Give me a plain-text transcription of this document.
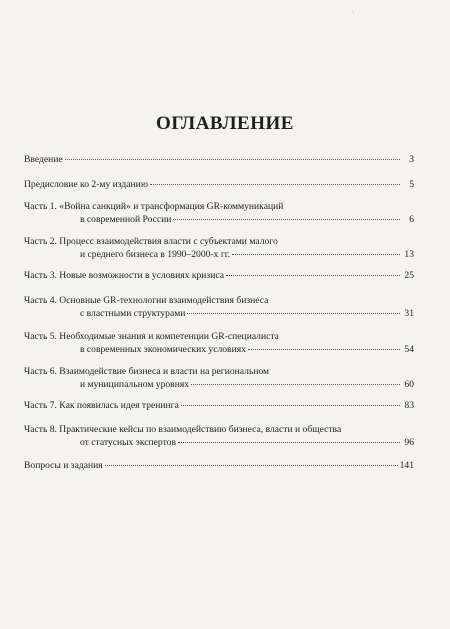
\
ОГЛАВЛЕНИЕ
Введение	3
Предисловие ко 2-му изданию	5
Часть 1. «Война санкций» и трансформация GR-коммуникаций
в современной России	6
Часть 2. Процесс взаимодействия власти с субъектами малого
и среднего бизнеса в 1990–2000-х гг.	13
Часть 3. Новые возможности в условиях кризиса	25
Часть 4. Основные GR-технологии взаимодействия бизнеса
с властными структурами	31
Часть 5. Необходимые знания и компетенции GR-специалиста
в современных экономических условиях	54
Часть 6. Взаимодействие бизнеса и власти на региональном
и муниципальном уровнях	60
Часть 7. Как появилась идея тренинга	83
Часть 8. Практические кейсы по взаимодействию бизнеса, власти и общества
от статусных экспертов	96
Вопросы и задания	141
